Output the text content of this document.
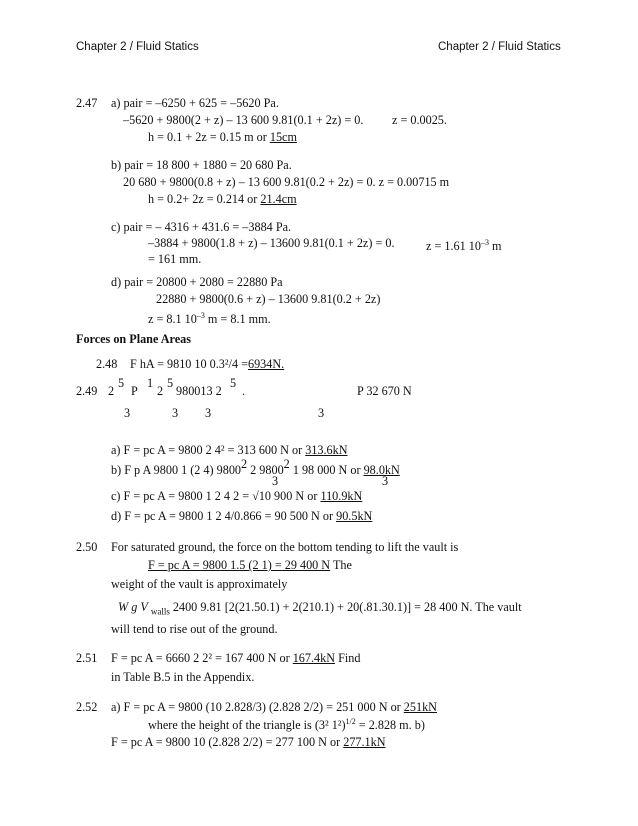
Chapter 2 / Fluid Statics	Chapter 2 / Fluid Statics
2.47 a) pair = –6250 + 625 = –5620 Pa.
–5620 + 9800(2 + z) – 13 600 9.81(0.1 + 2z) = 0. z = 0.0025.
h = 0.1 + 2z = 0.15 m or 15cm
b) pair = 18 800 + 1880 = 20 680 Pa.
20 680 + 9800(0.8 + z) – 13 600 9.81(0.2 + 2z) = 0. z = 0.00715 m
h = 0.2+ 2z = 0.214 or 21.4cm
c) pair = – 4316 + 431.6 = –3884 Pa.
–3884 + 9800(1.8 + z) – 13600 9.81(0.1 + 2z) = 0.	z = 1.61 $10^{-3}$ m
= 161 mm.
d) pair = 20800 + 2080 = 22880 Pa
22880 + 9800(0.6 + z) – 13600 9.81(0.2 + 2z)
z = 8.1 $10^{-3}$ m = 8.1 mm.
Forces on Plane Areas
2.48 F hA = 9810 10 0.3²/4 =6934N.
2.49 2
5
P
1
2
5
980013 2
5
.	P 32 670 N
3	3 3	3
a) F = pc A = 9800 2 4² = 313 600 N or 313.6kN
b) F p A 9800 1 (2 4) 98002 2 98002 1 98 000 N or 98.0kN
3	3
c) F = pc A = 9800 1 2 4 2 = √10 900 N or 110.9kN
d) F = pc A = 9800 1 2 4/0.866 = 90 500 N or 90.5kN
2.50 For saturated ground, the force on the bottom tending to lift the vault is
F = pc A = 9800 1.5 (2 1) = 29 400 N The
weight of the vault is approximately
W g V $_{walls}$ 2400 9.81 [2(21.50.1) + 2(210.1) + 20(.81.30.1)] = 28 400 N. The vault
will tend to rise out of the ground.
2.51 F = pc A = 6660 2 2² = 167 400 N or 167.4kN Find
in Table B.5 in the Appendix.
2.52 a) F = pc A = 9800 (10 2.828/3) (2.828 2/2) = 251 000 N or 251kN
where the height of the triangle is (3² 1²)$^{1/2}$ = 2.828 m. b)
F = pc A = 9800 10 (2.828 2/2) = 277 100 N or 277.1kN
